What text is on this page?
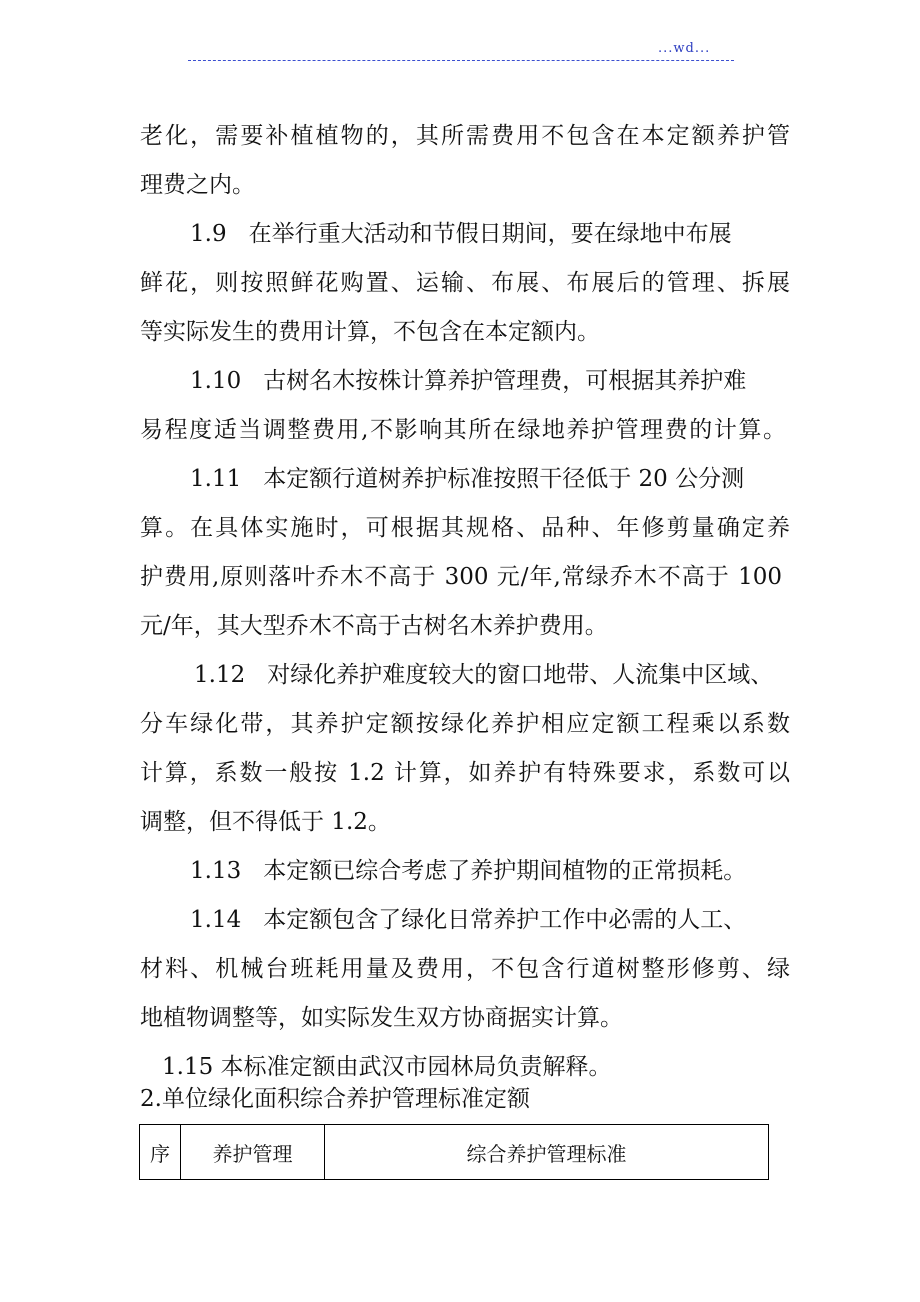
...wd...
老化，需要补植植物的，其所需费用不包含在本定额养护管
理费之内。
1.9 在举行重大活动和节假日期间，要在绿地中布展
鲜花，则按照鲜花购置、运输、布展、布展后的管理、拆展
等实际发生的费用计算，不包含在本定额内。
1.10 古树名木按株计算养护管理费，可根据其养护难
易程度适当调整费用,不影响其所在绿地养护管理费的计算。
1.11 本定额行道树养护标准按照干径低于 20 公分测
算。在具体实施时，可根据其规格、品种、年修剪量确定养
护费用,原则落叶乔木不高于 300 元/年,常绿乔木不高于 100
元/年，其大型乔木不高于古树名木养护费用。
1.12 对绿化养护难度较大的窗口地带、人流集中区域、
分车绿化带，其养护定额按绿化养护相应定额工程乘以系数
计算，系数一般按 1.2 计算，如养护有特殊要求，系数可以
调整，但不得低于 1.2。
1.13 本定额已综合考虑了养护期间植物的正常损耗。
1.14 本定额包含了绿化日常养护工作中必需的人工、
材料、机械台班耗用量及费用，不包含行道树整形修剪、绿
地植物调整等，如实际发生双方协商据实计算。
1.15 本标准定额由武汉市园林局负责解释。
2.单位绿化面积综合养护管理标准定额
序	养护管理	综合养护管理标准
